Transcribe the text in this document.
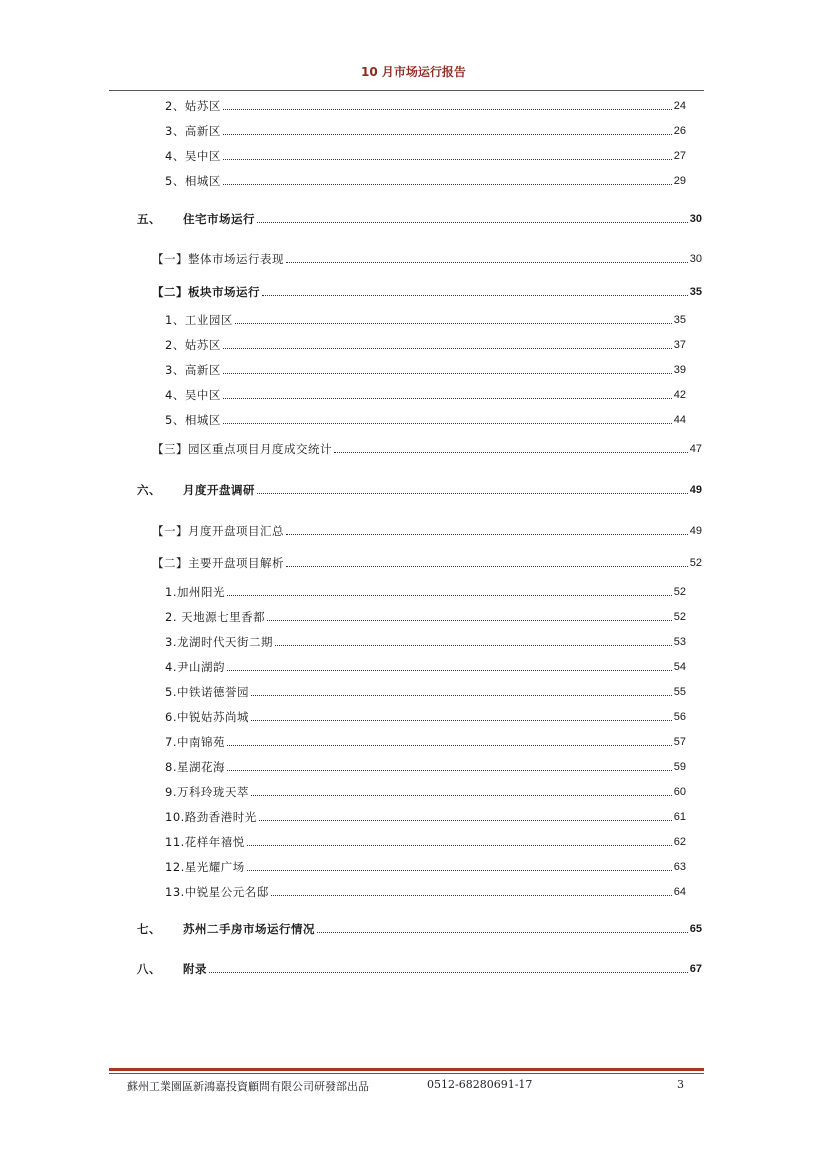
10 月市场运行报告
2、姑苏区	24
3、高新区	26
4、吴中区	27
5、相城区	29
五、 住宅市场运行	30
【一】整体市场运行表现	30
【二】板块市场运行	35
1、工业园区	35
2、姑苏区	37
3、高新区	39
4、吴中区	42
5、相城区	44
【三】园区重点项目月度成交统计	47
六、 月度开盘调研	49
【一】月度开盘项目汇总	49
【二】主要开盘项目解析	52
1.加州阳光	52
2. 天地源七里香都	52
3.龙湖时代天街二期	53
4.尹山湖韵	54
5.中铁诺德誉园	55
6.中锐姑苏尚城	56
7.中南锦苑	57
8.星湖花海	59
9.万科玲珑天萃	60
10.路劲香港时光	61
11.花样年禧悦	62
12.星光耀广场	63
13.中锐星公元名邸	64
七、 苏州二手房市场运行情况	65
八、 附录	67
蘇州工業園區新鴻嘉投資顧問有限公司研發部出品	0512-68280691-17	3
